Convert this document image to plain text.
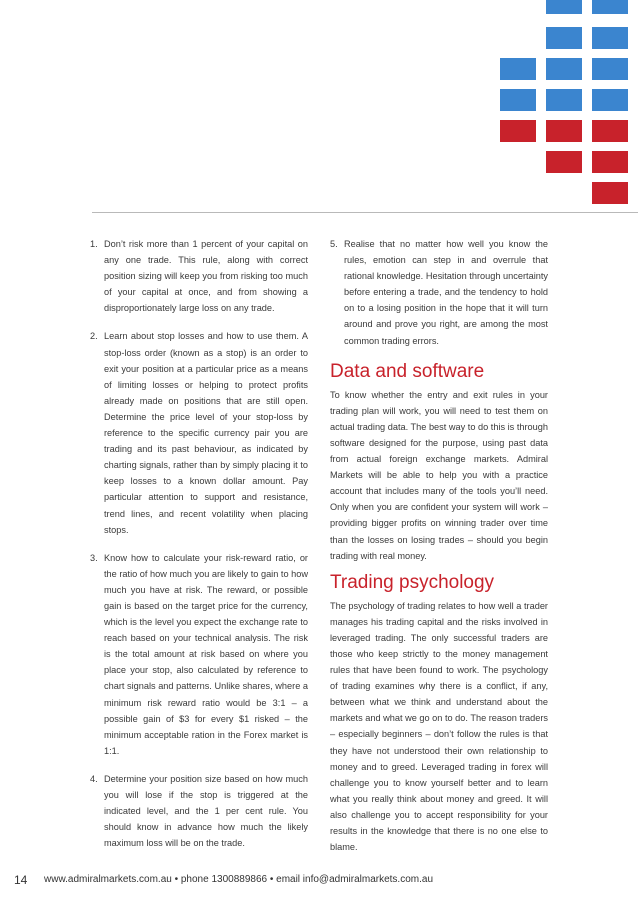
1. Don’t risk more than 1 percent of your capital on any one trade. This rule, along with correct position sizing will keep you from risking too much of your capital at once, and from showing a disproportionately large loss on any trade.
2. Learn about stop losses and how to use them. A stop-loss order (known as a stop) is an order to exit your position at a particular price as a means of limiting losses or helping to protect profits already made on positions that are still open. Determine the price level of your stop-loss by reference to the specific currency pair you are trading and its past behaviour, as indicated by charting signals, rather than by simply placing it to keep losses to a known dollar amount. Pay particular attention to support and resistance, trend lines, and recent volatility when placing stops.
3. Know how to calculate your risk-reward ratio, or the ratio of how much you are likely to gain to how much you have at risk. The reward, or possible gain is based on the target price for the currency, which is the level you expect the exchange rate to reach based on your technical analysis. The risk is the total amount at risk based on where you place your stop, also calculated by reference to chart signals and patterns. Unlike shares, where a minimum risk reward ratio would be 3:1 – a possible gain of $3 for every $1 risked – the minimum acceptable ration in the Forex market is 1:1.
4. Determine your position size based on how much you will lose if the stop is triggered at the indicated level, and the 1 per cent rule. You should know in advance how much the likely maximum loss will be on the trade.
5. Realise that no matter how well you know the rules, emotion can step in and overrule that rational knowledge. Hesitation through uncertainty before entering a trade, and the tendency to hold on to a losing position in the hope that it will turn around and prove you right, are among the most common trading errors.
Data and software

To know whether the entry and exit rules in your trading plan will work, you will need to test them on actual trading data. The best way to do this is through software designed for the purpose, using past data from actual foreign exchange markets. Admiral Markets will be able to help you with a practice account that includes many of the tools you’ll need. Only when you are confident your system will work – providing bigger profits on winning trader over time than the losses on losing trades – should you begin trading with real money.

Trading psychology

The psychology of trading relates to how well a trader manages his trading capital and the risks involved in leveraged trading. The only successful traders are those who keep strictly to the money management rules that have been found to work. The psychology of trading examines why there is a conflict, if any, between what we think and understand about the markets and what we go on to do. The reason traders – especially beginners – don’t follow the rules is that they have not understood their own relationship to money and to greed. Leveraged trading in forex will challenge you to know yourself better and to learn what you really think about money and greed. It will also challenge you to accept responsibility for your results in the knowledge that there is no one else to blame.

14 www.admiralmarkets.com.au • phone 1300889866 • email info@admiralmarkets.com.au
